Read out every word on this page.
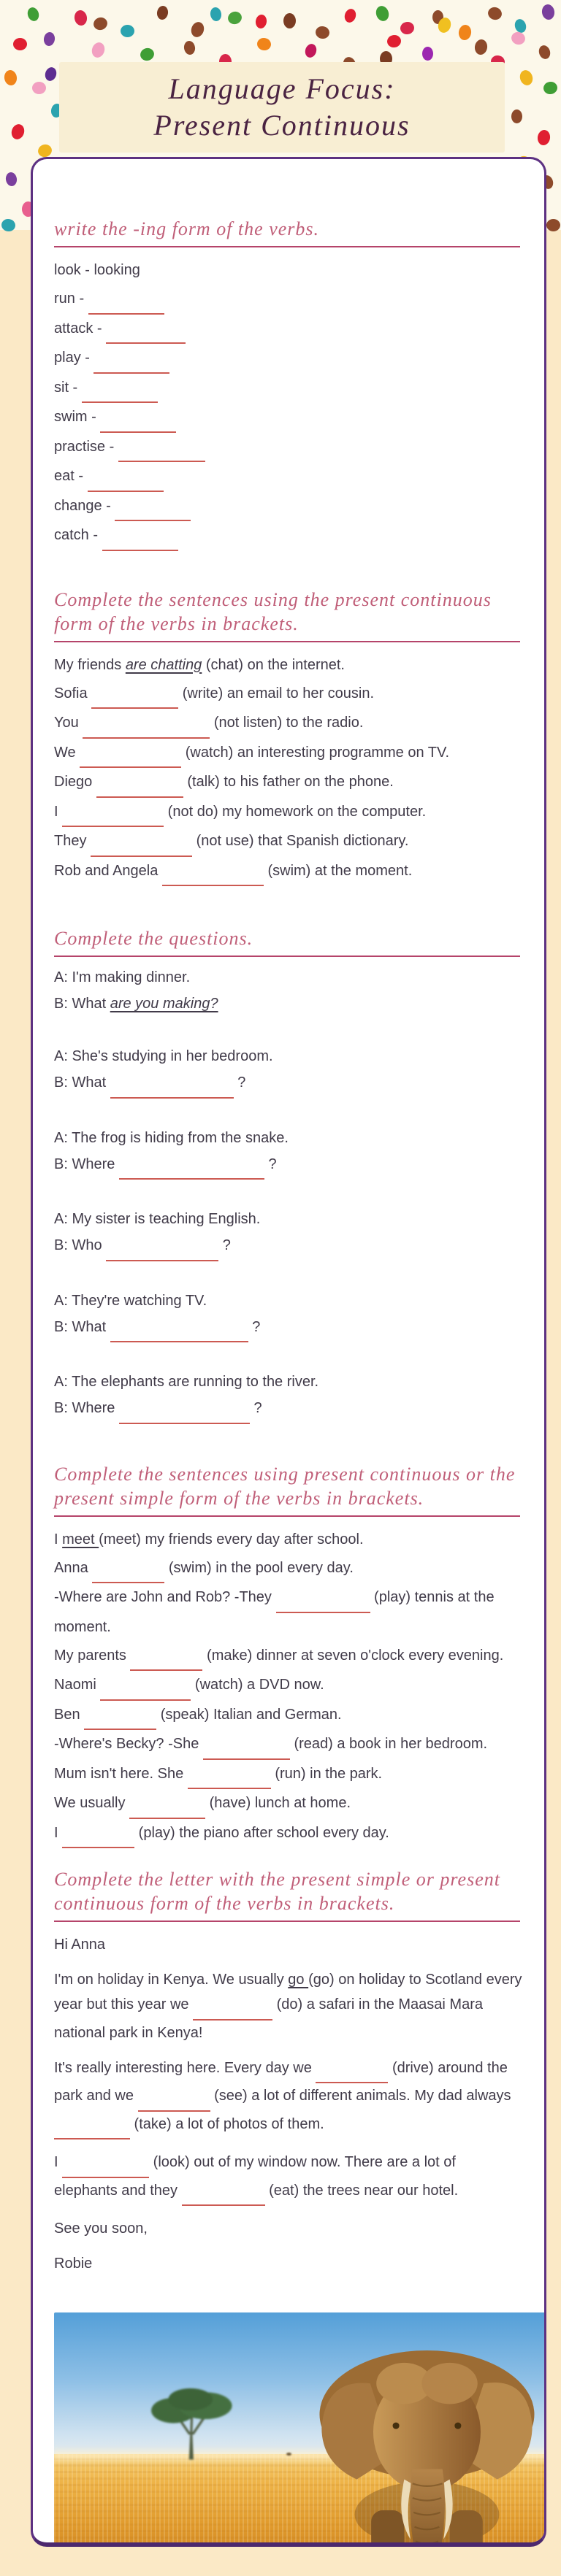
Language Focus:
Present Continuous
write the -ing form of the verbs.
look - looking
run -
attack -
play -
sit -
swim -
practise -
eat -
change -
catch -
Complete the sentences using the present continuous form of the verbs in brackets.
My friends are chatting (chat) on the internet.
Sofia	(write) an email to her cousin.
You	(not listen) to the radio.
We	(watch) an interesting programme on TV.
Diego	(talk) to his father on the phone.
I	(not do) my homework on the computer.
They	(not use) that Spanish dictionary.
Rob and Angela	(swim) at the moment.
Complete the questions.
A: I'm making dinner.
B: What are you making?
A: She's studying in her bedroom.
B: What	?
A: The frog is hiding from the snake.
B: Where	?
A: My sister is teaching English.
B: Who	?
A: They're watching TV.
B: What	?
A: The elephants are running to the river.
B: Where	?
Complete the sentences using present continuous or the present simple form of the verbs in brackets.
I meet (meet) my friends every day after school.
Anna	(swim) in the pool every day.
-Where are John and Rob? -They	(play) tennis at the moment.
My parents	(make) dinner at seven o'clock every evening.
Naomi	(watch) a DVD now.
Ben	(speak) Italian and German.
-Where's Becky? -She	(read) a book in her bedroom.
Mum isn't here. She	(run) in the park.
We usually	(have) lunch at home.
I	(play) the piano after school every day.
Complete the letter with the present simple or present continuous form of the verbs in brackets.
Hi Anna
I'm on holiday in Kenya. We usually go (go) on holiday to Scotland every year but this year we	(do) a safari in the Maasai Mara national park in Kenya!
It's really interesting here. Every day we	(drive) around the park and we	(see) a lot of different animals. My dad always  (take) a lot of photos of them.
I	(look) out of my window now. There are a lot of elephants and they	(eat) the trees near our hotel.
See you soon,
Robie
